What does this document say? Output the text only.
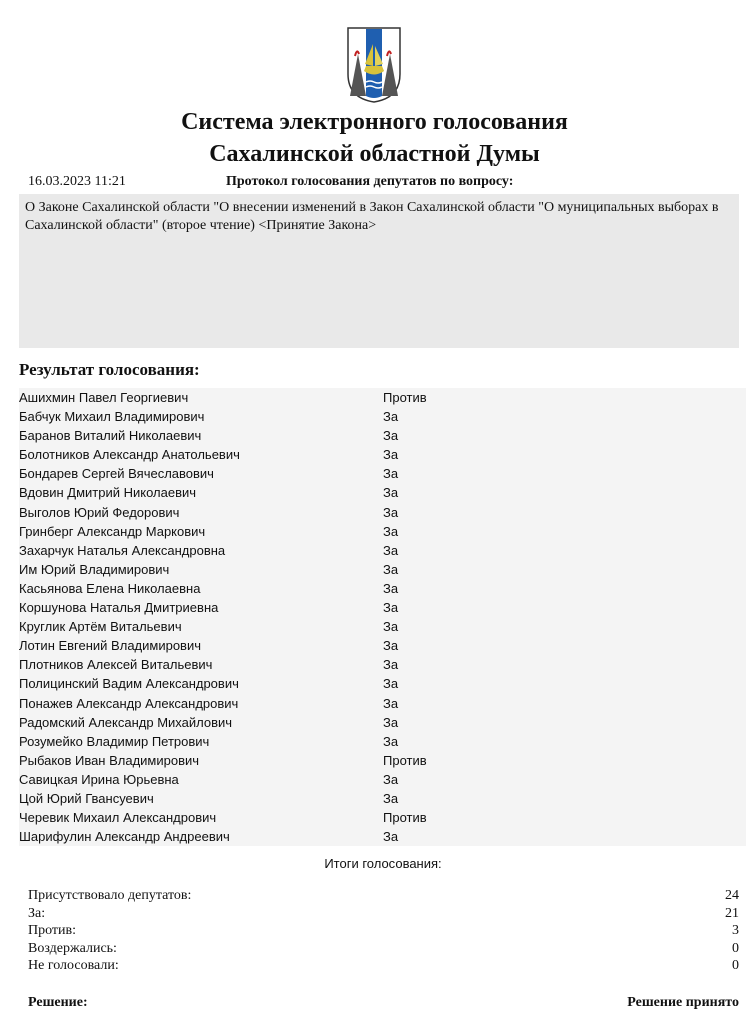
Система электронного голосования
Сахалинской областной Думы
16.03.2023 11:21	Протокол голосования депутатов по вопросу:
О Законе Сахалинской области "О внесении изменений в Закон Сахалинской области "О муниципальных выборах в Сахалинской области" (второе чтение) <Принятие Закона>
Результат голосования:
Ашихмин Павел Георгиевич	Против
Бабчук Михаил Владимирович	За
Баранов Виталий Николаевич	За
Болотников Александр Анатольевич	За
Бондарев Сергей Вячеславович	За
Вдовин Дмитрий Николаевич	За
Выголов Юрий Федорович	За
Гринберг Александр Маркович	За
Захарчук Наталья Александровна	За
Им Юрий Владимирович	За
Касьянова Елена Николаевна	За
Коршунова Наталья Дмитриевна	За
Круглик Артём Витальевич	За
Лотин Евгений Владимирович	За
Плотников Алексей Витальевич	За
Полицинский Вадим Александрович	За
Понажев Александр Александрович	За
Радомский Александр Михайлович	За
Розумейко Владимир Петрович	За
Рыбаков Иван Владимирович	Против
Савицкая Ирина Юрьевна	За
Цой Юрий Гвансуевич	За
Черевик Михаил Александрович	Против
Шарифулин Александр Андреевич	За
Итоги голосования:
Присутствовало депутатов:	24
За:	21
Против:	3
Воздержались:	0
Не голосовали:	0
Решение:	Решение принято
